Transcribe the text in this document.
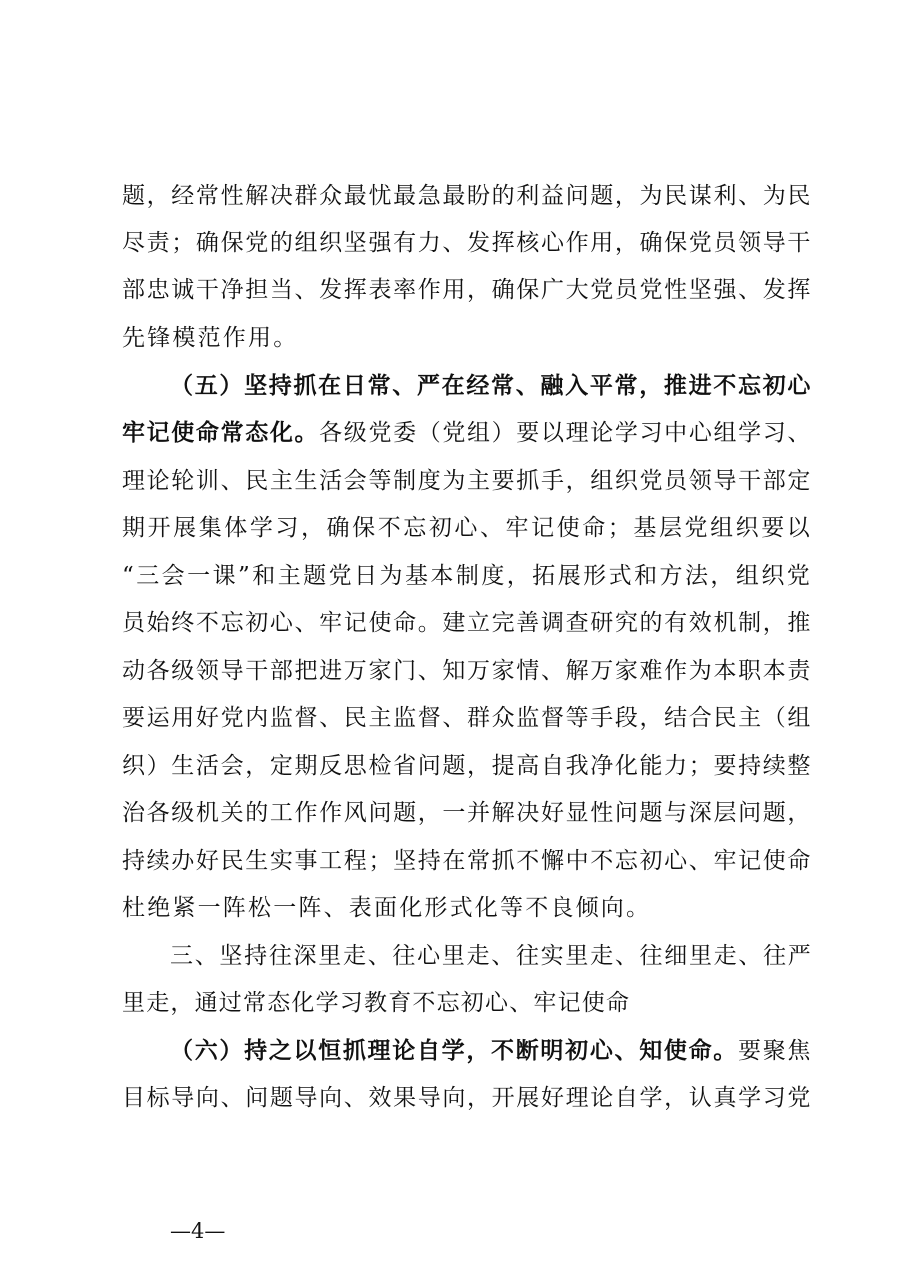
题，经常性解决群众最忧最急最盼的利益问题，为民谋利、为民
尽责；确保党的组织坚强有力、发挥核心作用，确保党员领导干
部忠诚干净担当、发挥表率作用，确保广大党员党性坚强、发挥
先锋模范作用。
（五）坚持抓在日常、严在经常、融入平常，推进不忘初心
牢记使命常态化。各级党委（党组）要以理论学习中心组学习、
理论轮训、民主生活会等制度为主要抓手，组织党员领导干部定
期开展集体学习，确保不忘初心、牢记使命；基层党组织要以
“三会一课”和主题党日为基本制度，拓展形式和方法，组织党
员始终不忘初心、牢记使命。建立完善调查研究的有效机制，推
动各级领导干部把进万家门、知万家情、解万家难作为本职本责
要运用好党内监督、民主监督、群众监督等手段，结合民主（组
织）生活会，定期反思检省问题，提高自我净化能力；要持续整
治各级机关的工作作风问题，一并解决好显性问题与深层问题，
持续办好民生实事工程；坚持在常抓不懈中不忘初心、牢记使命
杜绝紧一阵松一阵、表面化形式化等不良倾向。
三、坚持往深里走、往心里走、往实里走、往细里走、往严
里走，通过常态化学习教育不忘初心、牢记使命
（六）持之以恒抓理论自学，不断明初心、知使命。要聚焦
目标导向、问题导向、效果导向，开展好理论自学，认真学习党
—4—
